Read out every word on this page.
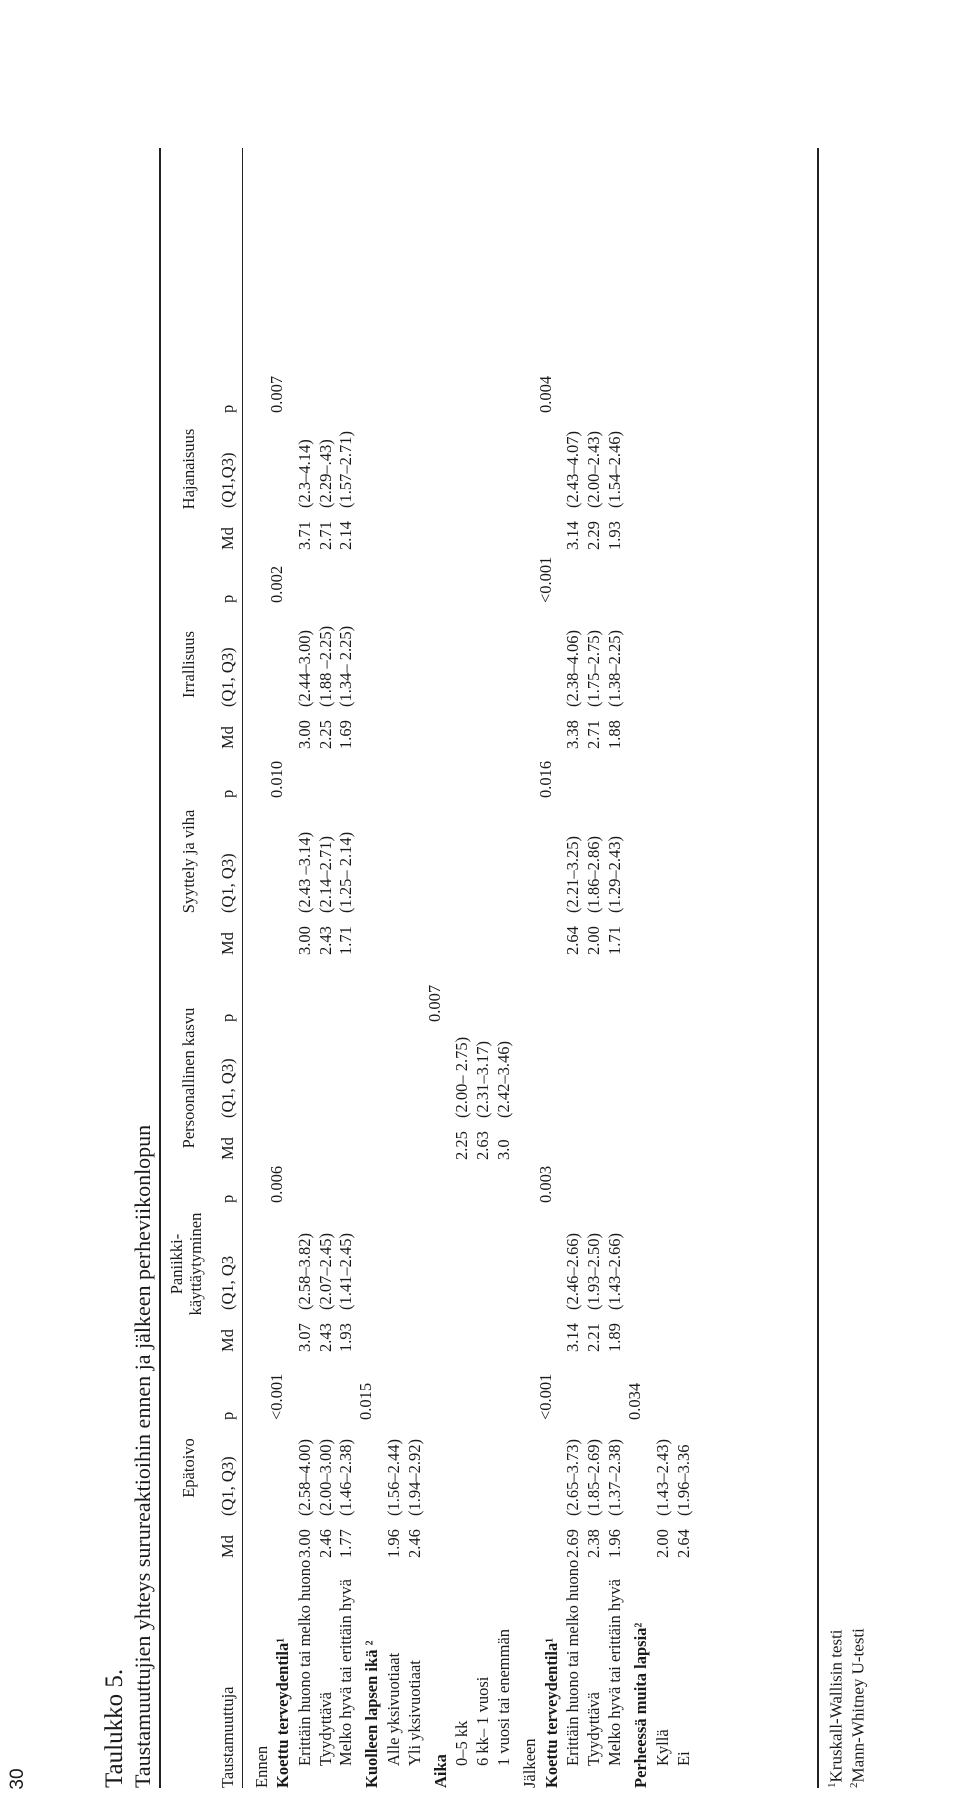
30	Taulukko 5. Taustamuuttujien yhteys surureaktioihin ennen ja jälkeen perheviikonlopun Epätoivo
Paniikki-
käyttäytyminen
Persoonallinen kasvu
Syyttely ja viha
Irrallisuus
Hajanaisuus
Taustamuuttuja
Md
(Q1, Q3)
p
Md
(Q1, Q3
p
Md
(Q1, Q3)
p
Md
(Q1, Q3)
p
Md
(Q1, Q3)
p
Md
(Q1,Q3)
p
Ennen Koettu terveydentila¹
<0.001
0.006
0.010
0.002
0.007
Erittäin huono tai melko huono
3.00
(2.58–4.00)
3.07
(2.58–3.82)
3.00
(2.43 –3.14)
3.00
(2.44–3.00)
3.71
(2.3–4.14)
Tyydyttävä
2.46
(2.00–3.00)
2.43
(2.07–2.45)
2.43
(2.14–2.71)
2.25
(1.88 –2.25)
2.71
(2.29–.43)
Melko hyvä tai erittäin hyvä
1.77
(1.46–2.38)
1.93
(1.41–2.45)
1.71
(1.25– 2.14)
1.69
(1.34– 2.25)
2.14
(1.57–2.71)
Kuolleen lapsen ikä ²
0.015
Alle yksivuotiaat
1.96
(1.56–2.44)
Yli yksivuotiaat
2.46
(1.94–2.92)
Aika
0.007
0–5 kk
2.25
(2.00– 2.75)
6 kk– 1 vuosi
2.63
(2.31–3.17)
1 vuosi tai enemmän
3.0
(2.42–3.46)
Jälkeen Koettu terveydentila¹
<0.001
0.003
0.016
<0.001
0.004
Erittäin huono tai melko huono
2.69
(2.65–3.73)
3.14
(2.46–2.66)
2.64
(2.21–3.25)
3.38
(2.38–4.06)
3.14
(2.43–4.07)
Tyydyttävä
2.38
(1.85–2.69)
2.21
(1.93–2.50)
2.00
(1.86–2.86)
2.71
(1.75–2.75)
2.29
(2.00–2.43)
Melko hyvä tai erittäin hyvä
1.96
(1.37–2.38)
1.89
(1.43–2.66)
1.71
(1.29–2.43)
1.88
(1.38–2.25)
1.93
(1.54–2.46)
Perheessä muita lapsia²
0.034
Kyllä
2.00
(1.43–2.43)
Ei
2.64
(1.96–3.36
$^1$Kruskall-Wallisin testi
$^2$Mann-Whitney U-testi
